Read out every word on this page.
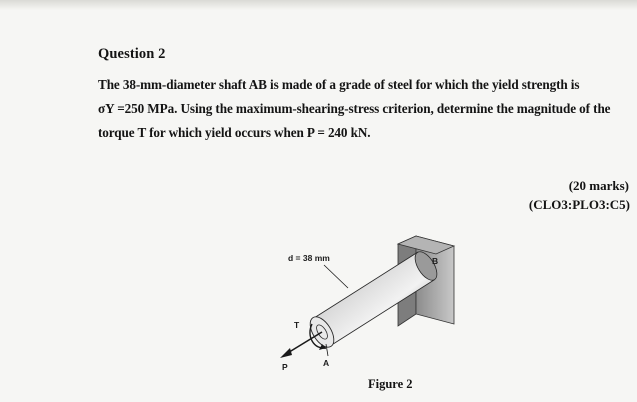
Question 2
The 38-mm-diameter shaft AB is made of a grade of steel for which the yield strength is
σY =250 MPa. Using the maximum-shearing-stress criterion, determine the magnitude of the
torque T for which yield occurs when P = 240 kN.
(20 marks)
(CLO3:PLO3:C5)
d = 38 mm	B
T
P	A
Figure 2
